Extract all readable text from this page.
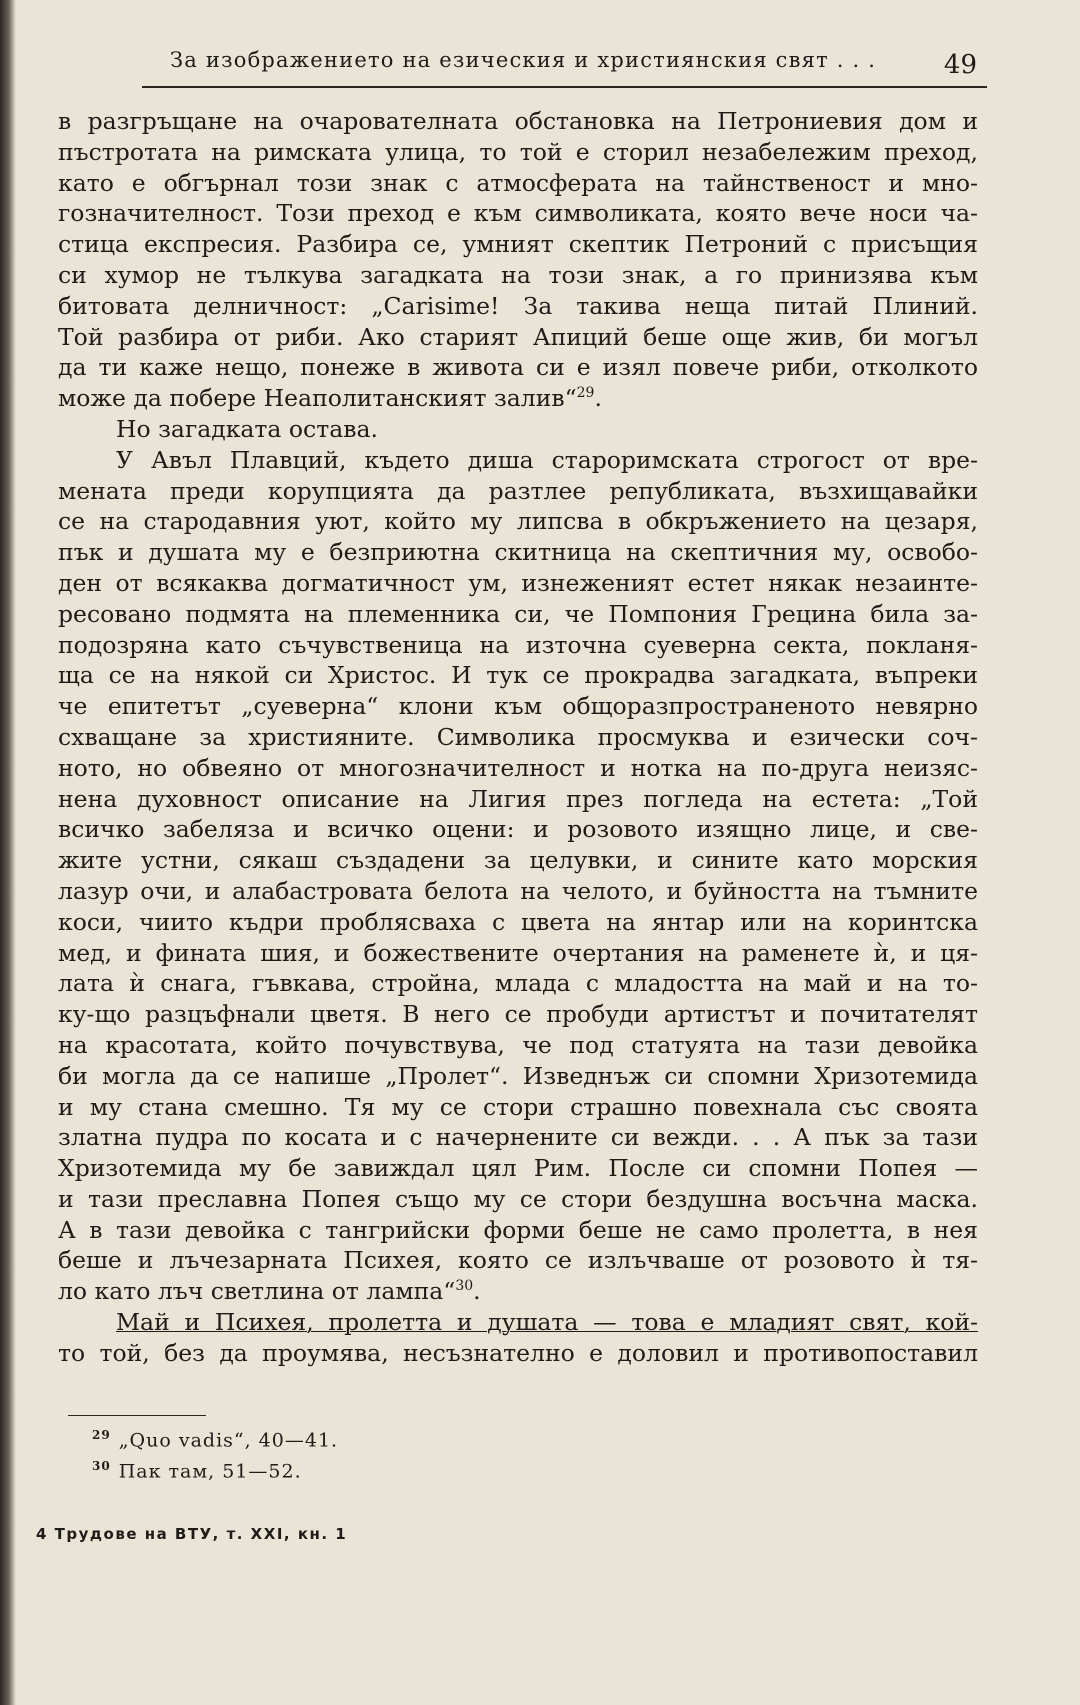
За изображението на езическия и християнския свят . . .	49

в разгръщане на очарователната обстановка на Петрониевия дом и
пъстротата на римската улица, то той е сторил незабележим преход,
като е обгърнал този знак с атмосферата на тайнственост и мно-
гозначителност. Този преход е към символиката, която вече носи ча-
стица експресия. Разбира се, умният скептик Петроний с присъщия
си хумор не тълкува загадката на този знак, а го принизява към
битовата делничност: „Carisime! За такива неща питай Плиний.
Той разбира от риби. Ако старият Апиций беше още жив, би могъл
да ти каже нещо, понеже в живота си е изял повече риби, отколкото
може да побере Неаполитанският залив“$^{29}$.

Но загадката остава.

У Авъл Плавций, където диша староримската строгост от вре-
мената преди корупцията да разтлее републиката, възхищавайки
се на стародавния уют, който му липсва в обкръжението на цезаря,
пък и душата му е безприютна скитница на скептичния му, освобо-
ден от всякаква догматичност ум, изнеженият естет някак незаинте-
ресовано подмята на племенника си, че Помпония Грецина била за-
подозряна като съчувственица на източна суеверна секта, покланя-
ща се на някой си Христос. И тук се прокрадва загадката, въпреки
че епитетът „суеверна“ клони към общоразпространеното невярно
схващане за християните. Символика просмуква и езически соч-
ното, но обвеяно от многозначителност и нотка на по-друга неизяс-
нена духовност описание на Лигия през погледа на естета: „Той
всичко забеляза и всичко оцени: и розовото изящно лице, и све-
жите устни, сякаш създадени за целувки, и сините като морския
лазур очи, и алабастровата белота на челото, и буйността на тъмните
коси, чиито къдри проблясваха с цвета на янтар или на коринтска
мед, и фината шия, и божествените очертания на раменете ѝ, и ця-
лата ѝ снага, гъвкава, стройна, млада с младостта на май и на то-
ку-що разцъфнали цветя. В него се пробуди артистът и почитателят
на красотата, който почувствува, че под статуята на тази девойка
би могла да се напише „Пролет“. Изведнъж си спомни Хризотемида
и му стана смешно. Тя му се стори страшно повехнала със своята
златна пудра по косата и с начернените си вежди. . . А пък за тази
Хризотемида му бе завиждал цял Рим. После си спомни Попея —
и тази преславна Попея също му се стори бездушна восъчна маска.
А в тази девойка с тангрийски форми беше не само пролетта, в нея
беше и лъчезарната Психея, която се излъчваше от розовото ѝ тя-
ло като лъч светлина от лампа“$^{30}$.

Май и Психея, пролетта и душата — това е младият свят, кой-
то той, без да проумява, несъзнателно е доловил и противопоставил

$^{29}$ „Quo vadis“, 40—41.
$^{30}$ Пак там, 51—52.
4 Трудове на ВТУ, т. XXI, кн. 1
